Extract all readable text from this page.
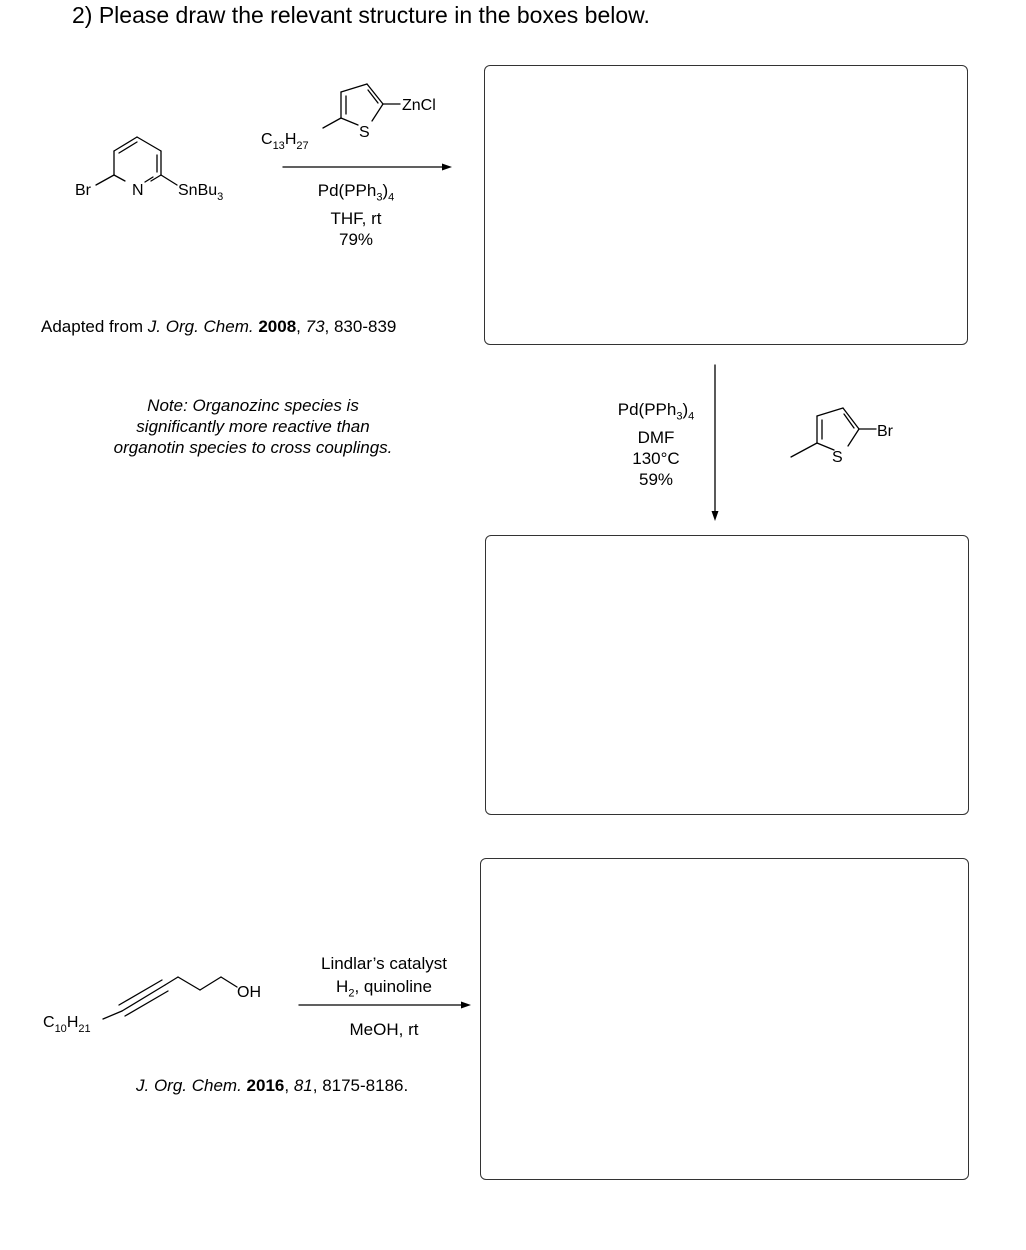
2) Please draw the relevant structure in the boxes below.
Br	N SnBu$_3$
$C_{13}H_{27}$
S
ZnCl
S
Br
$C_{10}H_{21}$
OH
$Pd(PPh_3)_4$
THF, rt
79%
Adapted from J. Org. Chem. 2008, 73, 830-839
Note: Organozinc species is significantly more reactive than organotin species to cross couplings.
$Pd(PPh_3)_4$
DMF
130°C
59%
Lindlar’s catalyst
$H_2$, quinoline
MeOH, rt
J. Org. Chem. 2016, 81, 8175-8186.
